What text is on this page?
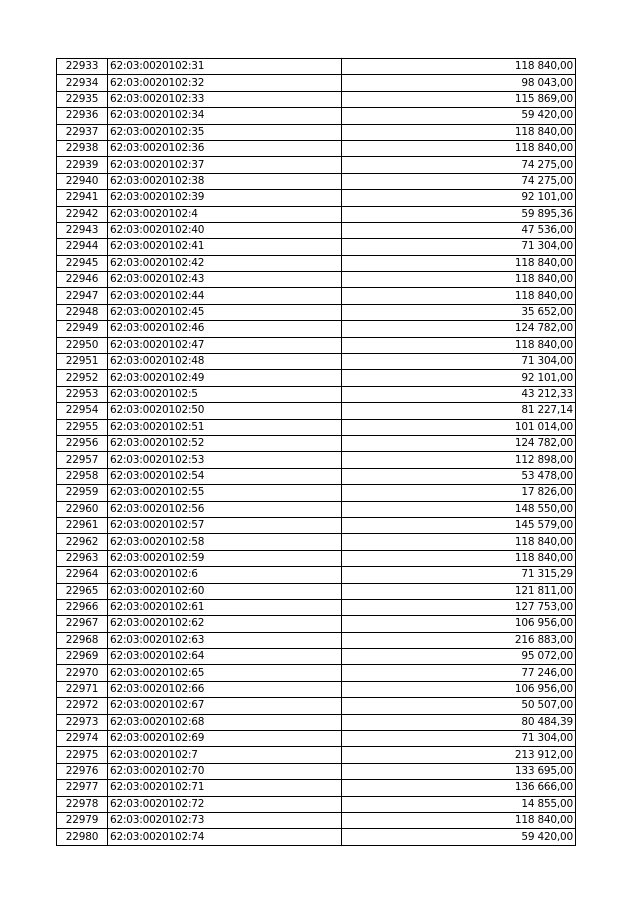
22933	62:03:0020102:31	118 840,00
22934	62:03:0020102:32	98 043,00
22935	62:03:0020102:33	115 869,00
22936	62:03:0020102:34	59 420,00
22937	62:03:0020102:35	118 840,00
22938	62:03:0020102:36	118 840,00
22939	62:03:0020102:37	74 275,00
22940	62:03:0020102:38	74 275,00
22941	62:03:0020102:39	92 101,00
22942	62:03:0020102:4	59 895,36
22943	62:03:0020102:40	47 536,00
22944	62:03:0020102:41	71 304,00
22945	62:03:0020102:42	118 840,00
22946	62:03:0020102:43	118 840,00
22947	62:03:0020102:44	118 840,00
22948	62:03:0020102:45	35 652,00
22949	62:03:0020102:46	124 782,00
22950	62:03:0020102:47	118 840,00
22951	62:03:0020102:48	71 304,00
22952	62:03:0020102:49	92 101,00
22953	62:03:0020102:5	43 212,33
22954	62:03:0020102:50	81 227,14
22955	62:03:0020102:51	101 014,00
22956	62:03:0020102:52	124 782,00
22957	62:03:0020102:53	112 898,00
22958	62:03:0020102:54	53 478,00
22959	62:03:0020102:55	17 826,00
22960	62:03:0020102:56	148 550,00
22961	62:03:0020102:57	145 579,00
22962	62:03:0020102:58	118 840,00
22963	62:03:0020102:59	118 840,00
22964	62:03:0020102:6	71 315,29
22965	62:03:0020102:60	121 811,00
22966	62:03:0020102:61	127 753,00
22967	62:03:0020102:62	106 956,00
22968	62:03:0020102:63	216 883,00
22969	62:03:0020102:64	95 072,00
22970	62:03:0020102:65	77 246,00
22971	62:03:0020102:66	106 956,00
22972	62:03:0020102:67	50 507,00
22973	62:03:0020102:68	80 484,39
22974	62:03:0020102:69	71 304,00
22975	62:03:0020102:7	213 912,00
22976	62:03:0020102:70	133 695,00
22977	62:03:0020102:71	136 666,00
22978	62:03:0020102:72	14 855,00
22979	62:03:0020102:73	118 840,00
22980	62:03:0020102:74	59 420,00
